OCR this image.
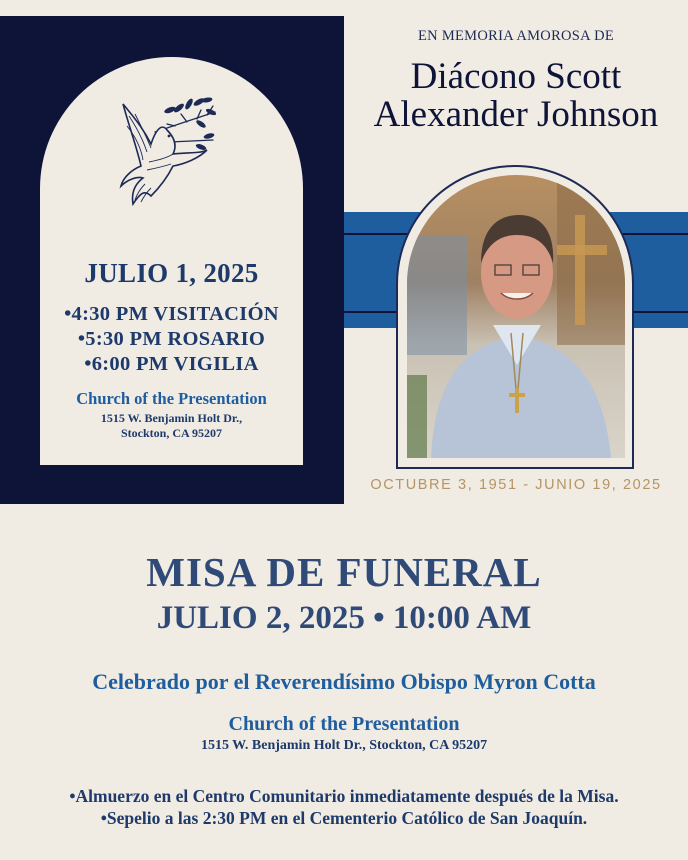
JULIO 1, 2025
•4:30 PM VISITACIÓN
•5:30 PM ROSARIO
•6:00 PM VIGILIA
Church of the Presentation
1515 W. Benjamin Holt Dr.,
Stockton, CA 95207
EN MEMORIA AMOROSA DE
Diácono Scott
Alexander Johnson
OCTUBRE 3, 1951 - JUNIO 19, 2025
MISA DE FUNERAL
JULIO 2, 2025 • 10:00 AM
Celebrado por el Reverendísimo Obispo Myron Cotta
Church of the Presentation
1515 W. Benjamin Holt Dr., Stockton, CA 95207
•Almuerzo en el Centro Comunitario inmediatamente después de la Misa.
•Sepelio a las 2:30 PM en el Cementerio Católico de San Joaquín.
